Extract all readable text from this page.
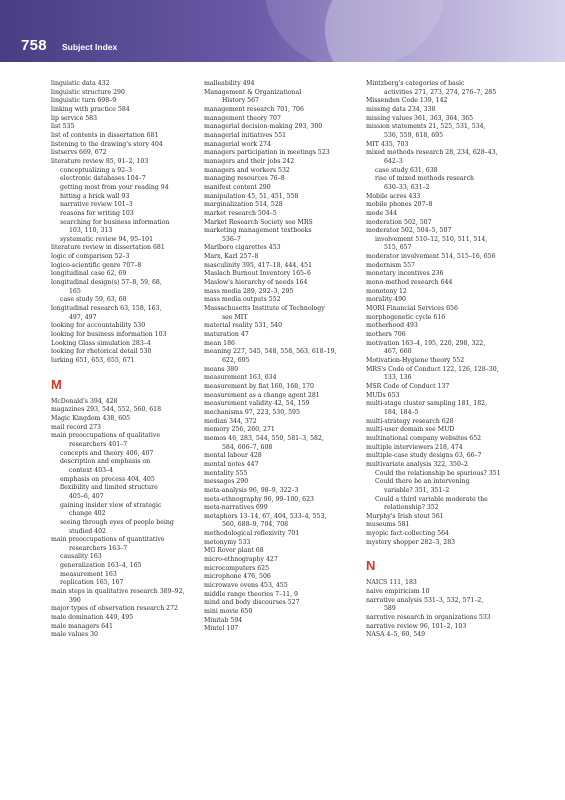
758 Subject Index
linguistic data 432
linguistic structure 290
linguistic turn 698–9
linking with practice 584
lip service 583
list 535
list of contents in dissertation 681
listening to the drawing's story 404
listservs 669, 672
literature review 85, 91–2, 103
conceptualizing a 92–3
electronic databases 104–7
getting most from your reading 94
hitting a brick wall 93
narrative review 101–3
reasons for writing 103
searching for business information
103, 110, 313
systematic review 94, 95–101
literature review in dissertation 681
logic of comparison 52–3
logico-scientific genre 707–8
longitudinal case 62, 69
longitudinal design(s) 57–8, 59, 68,
165
case study 59, 63, 68
longitudinal research 63, 158, 163,
497, 497
looking for accountability 530
looking for business information 103
Looking Glass simulation 283–4
looking for rhetorical detail 530
lurking 651, 653, 655, 671
M
McDonald's 394, 428
magazines 293, 544, 552, 560, 618
Magic Kingdom 438, 605
mail record 273
main preoccupations of qualitative
researchers 401–7
concepts and theory 406, 407
description and emphasis on
context 403–4
emphasis on process 404, 405
flexibility and limited structure
405–6, 407
gaining insider view of strategic
change 402
seeing through eyes of people being
studied 402
main preoccupations of quantitative
researchers 163–7
causality 163
generalization 163–4, 165
measurement 163
replication 165, 167
main steps in qualitative research 389–92,
390
major types of observation research 272
male domination 449, 495
male managers 641
male values 30
malleability 494
Management & Organizational
History 567
management research 701, 706
management theory 707
managerial decision-making 293, 300
managerial initiatives 551
managerial work 274
managers participation in meetings 523
managers and their jobs 242
managers and workers 532
managing resources 76–8
manifest content 290
manipulation 45, 51, 451, 558
marginalization 514, 528
market research 504–5
Market Research Society see MRS
marketing management textbooks
536–7
Marlboro cigarettes 453
Marx, Karl 257–8
masculinity 395, 417–18, 444, 451
Maslach Burnout Inventory 165–6
Maslow's hierarchy of needs 164
mass media 289, 292–3, 295
mass media outputs 552
Massachusetts Institute of Technology
see MIT
material reality 531, 540
maturation 47
mean 186
meaning 227, 545, 548, 558, 563, 618–19,
622, 695
means 380
measurement 163, 634
measurement by fiat 160, 168, 170
measurement as a change agent 281
measurement validity 42, 54, 159
mechanisms 97, 223, 530, 595
median 344, 372
memory 256, 260, 271
memos 46, 283, 544, 550, 581–3, 582,
584, 606–7, 608
mental labour 428
mental notes 447
mentality 555
messages 290
meta-analysis 96, 98–9, 322–3
meta-ethnography 96, 99–100, 623
meta-narratives 699
metaphors 13–14, 67, 404, 533–4, 553,
560, 688–9, 704, 708
methodological reflexivity 701
metonymy 533
MG Rover plant 68
micro-ethnography 427
microcomputers 625
microphone 476, 506
microwave ovens 453, 455
middle range theories 7–11, 9
mind and body discourses 527
mini movie 650
Minitab 594
Mintel 107
Mintzberg's categories of basic
activities 271, 273, 274, 276–7, 285
Missenden Code 139, 142
missing data 234, 338
missing values 361, 363, 364, 365
mission statements 21, 525, 531, 534,
536, 559, 618, 695
MIT 435, 703
mixed methods research 28, 234, 628–43,
642–3
case study 631, 638
rise of mixed methods research
630–33, 631–2
Mobile acres 433
mobile phones 207–8
mode 344
moderation 502, 507
moderator 502, 504–5, 507
involvement 510–12, 510, 511, 514,
515, 657
moderator involvement 514, 515–16, 656
modernism 557
monetary incentives 236
mono-method research 644
monotony 12
morality 490
MORI Financial Services 656
morphogenetic cycle 616
motherhood 493
mothers 706
motivation 163–4, 195, 220, 298, 322,
467, 660
Motivation-Hygiene theory 552
MRS's Code of Conduct 122, 126, 128–30,
133, 136
MSR Code of Conduct 137
MUDs 653
multi-stage cluster sampling 181, 182,
184, 184–5
multi-strategy research 628
multi-user domain see MUD
multinational company websites 652
multiple interviewers 218, 474
multiple-case study designs 63, 66–7
multivariate analysis 322, 350–2
Could the relationship be spurious? 351
Could there be an intervening
variable? 351, 351–2
Could a third variable moderate the
relationship? 352
Murphy's Irish stout 561
museums 581
myopic fact-collecting 564
mystery shopper 282–3, 283
N
NAICS 111, 183
naive empiricism 10
narrative analysis 531–3, 532, 571–2,
589
narrative research in organizations 533
narrative review 96, 101–2, 103
NASA 4–5, 60, 549
